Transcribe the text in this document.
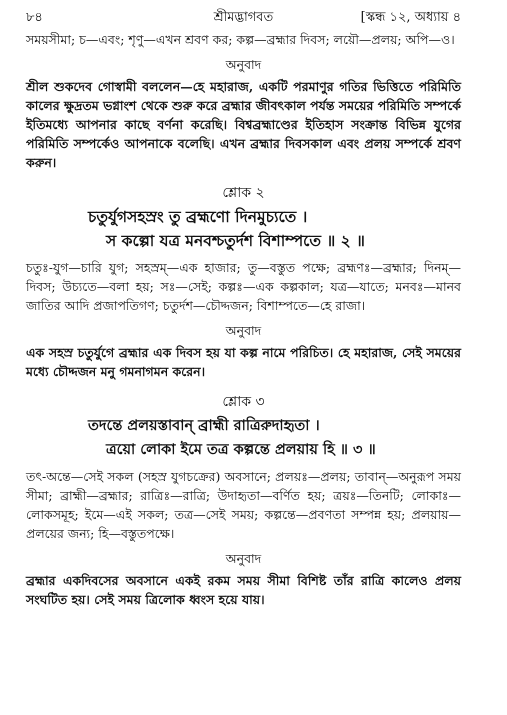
৮৪	শ্রীমদ্ভাগবত	[স্কন্ধ ১২, অধ্যায় ৪

সময়সীমা; চ—এবং; শৃণু—এখন শ্রবণ কর; কল্প—ব্রহ্মার দিবস; লয়ৌ—প্রলয়; অপি—ও।

অনুবাদ

শ্রীল শুকদেব গোস্বামী বললেন—হে মহারাজ, একটি পরমাণুর গতির ভিত্তিতে পরিমিতি কালের ক্ষুদ্রতম ভগ্নাংশ থেকে শুরু করে ব্রহ্মার জীবৎকাল পর্যন্ত সময়ের পরিমিতি সম্পর্কে ইতিমধ্যে আপনার কাছে বর্ণনা করেছি। বিশ্বব্রহ্মাণ্ডের ইতিহাস সংক্রান্ত বিভিন্ন যুগের পরিমিতি সম্পর্কেও আপনাকে বলেছি। এখন ব্রহ্মার দিবসকাল এবং প্রলয় সম্পর্কে শ্রবণ করুন।

শ্লোক ২

চতুর্যুগসহস্রং তু ব্রহ্মণো দিনমুচ্যতে ।

স কল্পো যত্র মনবশ্চতুর্দশ বিশাম্পতে ॥ ২ ॥

চতুঃ-যুগ—চারি যুগ; সহস্রম্—এক হাজার; তু—বস্তুত পক্ষে; ব্রহ্মণঃ—ব্রহ্মার; দিনম্—দিবস; উচ্যতে—বলা হয়; সঃ—সেই; কল্পঃ—এক কল্পকাল; যত্র—যাতে; মনবঃ—মানব জাতির আদি প্রজাপতিগণ; চতুর্দশ—চৌদ্দজন; বিশাম্পতে—হে রাজা।

অনুবাদ

এক সহস্র চতুর্যুগে ব্রহ্মার এক দিবস হয় যা কল্প নামে পরিচিত। হে মহারাজ, সেই সময়ের মধ্যে চৌদ্দজন মনু গমনাগমন করেন।

শ্লোক ৩

তদন্তে প্রলয়স্তাবান্ ব্রাহ্মী রাত্রিরুদাহৃতা ।

ত্রয়ো লোকা ইমে তত্র কল্পন্তে প্রলয়ায় হি ॥ ৩ ॥

তৎ-অন্তে—সেই সকল (সহস্র যুগচক্রের) অবসানে; প্রলয়ঃ—প্রলয়; তাবান্—অনুরূপ সময় সীমা; ব্রাহ্মী—ব্রহ্মার; রাত্রিঃ—রাত্রি; উদাহৃতা—বর্ণিত হয়; ত্রয়ঃ—তিনটি; লোকাঃ—লোকসমূহ; ইমে—এই সকল; তত্র—সেই সময়; কল্পন্তে—প্রবণতা সম্পন্ন হয়; প্রলয়ায়—প্রলয়ের জন্য; হি—বস্তুতপক্ষে।

অনুবাদ

ব্রহ্মার একদিবসের অবসানে একই রকম সময় সীমা বিশিষ্ট তাঁর রাত্রি কালেও প্রলয় সংঘটিত হয়। সেই সময় ত্রিলোক ধ্বংস হয়ে যায়।
